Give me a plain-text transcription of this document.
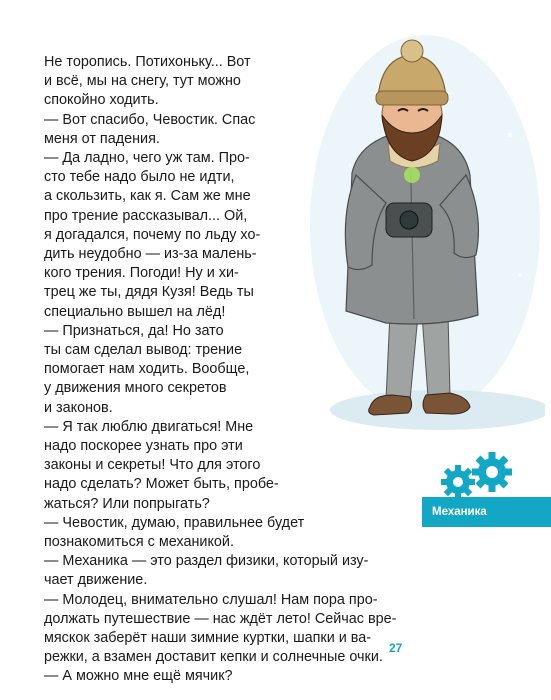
Не торопись. Потихоньку... Вот
и всё, мы на снегу, тут можно
спокойно ходить.
— Вот спасибо, Чевостик. Спас
меня от падения.
— Да ладно, чего уж там. Про-
сто тебе надо было не идти,
а скользить, как я. Сам же мне
про трение рассказывал... Ой,
я догадался, почему по льду хо-
дить неудобно — из-за малень-
кого трения. Погоди! Ну и хи-
трец же ты, дядя Кузя! Ведь ты
специально вышел на лёд!
— Признаться, да! Но зато
ты сам сделал вывод: трение
помогает нам ходить. Вообще,
у движения много секретов
и законов.
— Я так люблю двигаться! Мне
надо поскорее узнать про эти
законы и секреты! Что для этого
надо сделать? Может быть, пробе-
жаться? Или попрыгать?
— Чевостик, думаю, правильнее будет
познакомиться с механикой.
— Механика — это раздел физики, который изу-
чает движение.
— Молодец, внимательно слушал! Нам пора про-
должать путешествие — нас ждёт лето! Сейчас вре-
мяскок заберёт наши зимние куртки, шапки и ва-
режки, а взамен доставит кепки и солнечные очки.
— А можно мне ещё мячик?
Механика
27
